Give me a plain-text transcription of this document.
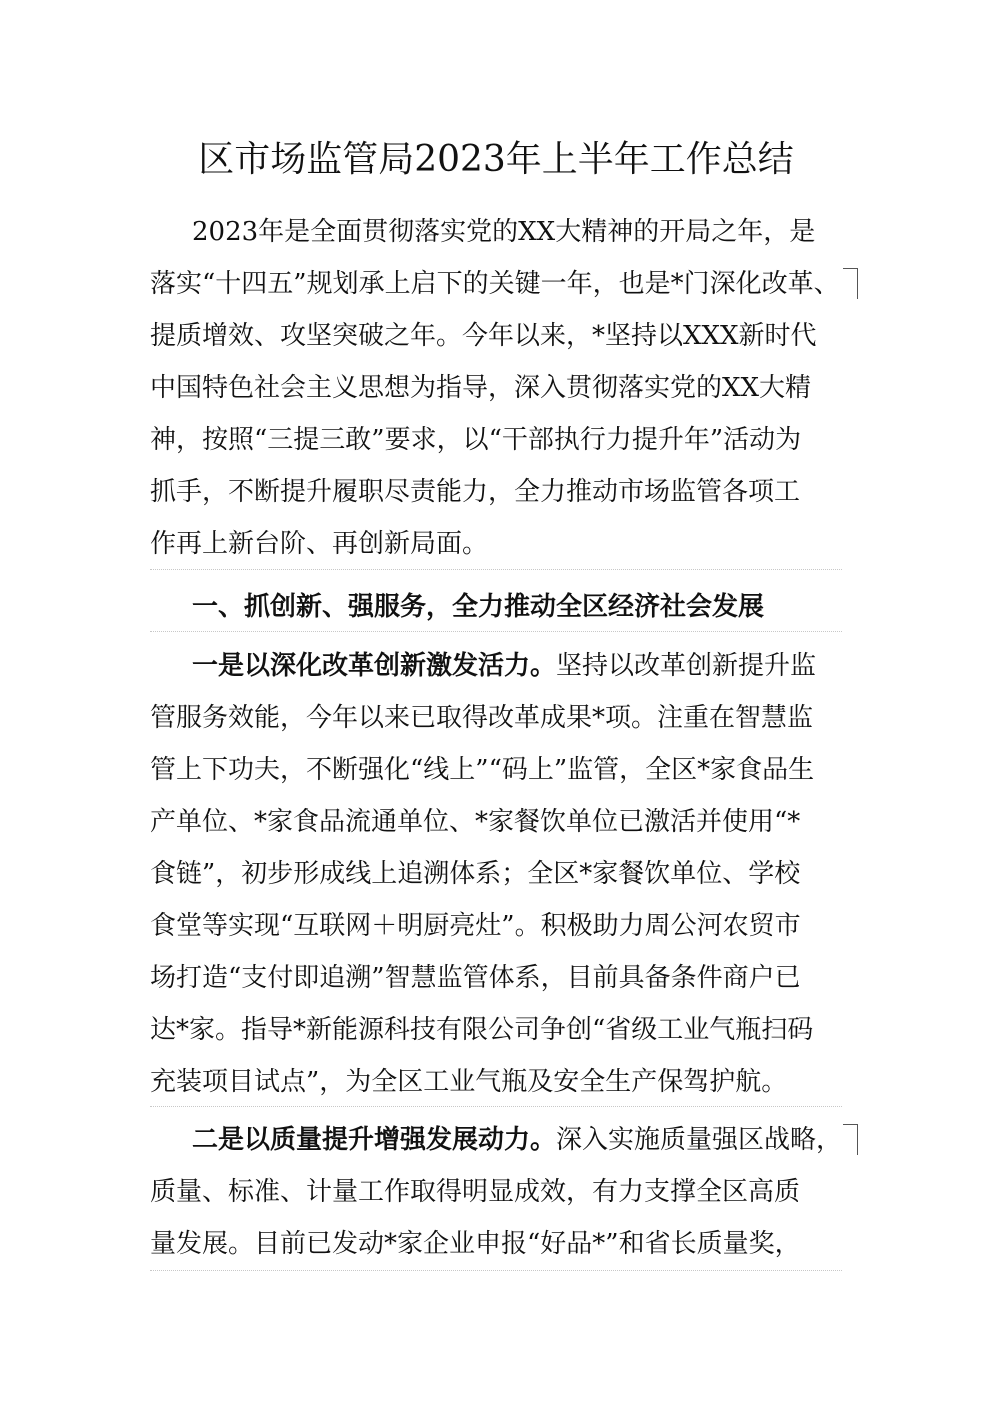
区市场监管局2023年上半年工作总结
2023年是全面贯彻落实党的XX大精神的开局之年，是
落实“十四五”规划承上启下的关键一年，也是*门深化改革、
提质增效、攻坚突破之年。今年以来，*坚持以XXX新时代
中国特色社会主义思想为指导，深入贯彻落实党的XX大精
神，按照“三提三敢”要求，以“干部执行力提升年”活动为
抓手，不断提升履职尽责能力，全力推动市场监管各项工
作再上新台阶、再创新局面。
一、抓创新、强服务，全力推动全区经济社会发展
一是以深化改革创新激发活力。坚持以改革创新提升监
管服务效能，今年以来已取得改革成果*项。注重在智慧监
管上下功夫，不断强化“线上”“码上”监管，全区*家食品生
产单位、*家食品流通单位、*家餐饮单位已激活并使用“*
食链”，初步形成线上追溯体系；全区*家餐饮单位、学校
食堂等实现“互联网＋明厨亮灶”。积极助力周公河农贸市
场打造“支付即追溯”智慧监管体系，目前具备条件商户已
达*家。指导*新能源科技有限公司争创“省级工业气瓶扫码
充装项目试点”，为全区工业气瓶及安全生产保驾护航。
二是以质量提升增强发展动力。深入实施质量强区战略，
质量、标准、计量工作取得明显成效，有力支撑全区高质
量发展。目前已发动*家企业申报“好品*”和省长质量奖，
